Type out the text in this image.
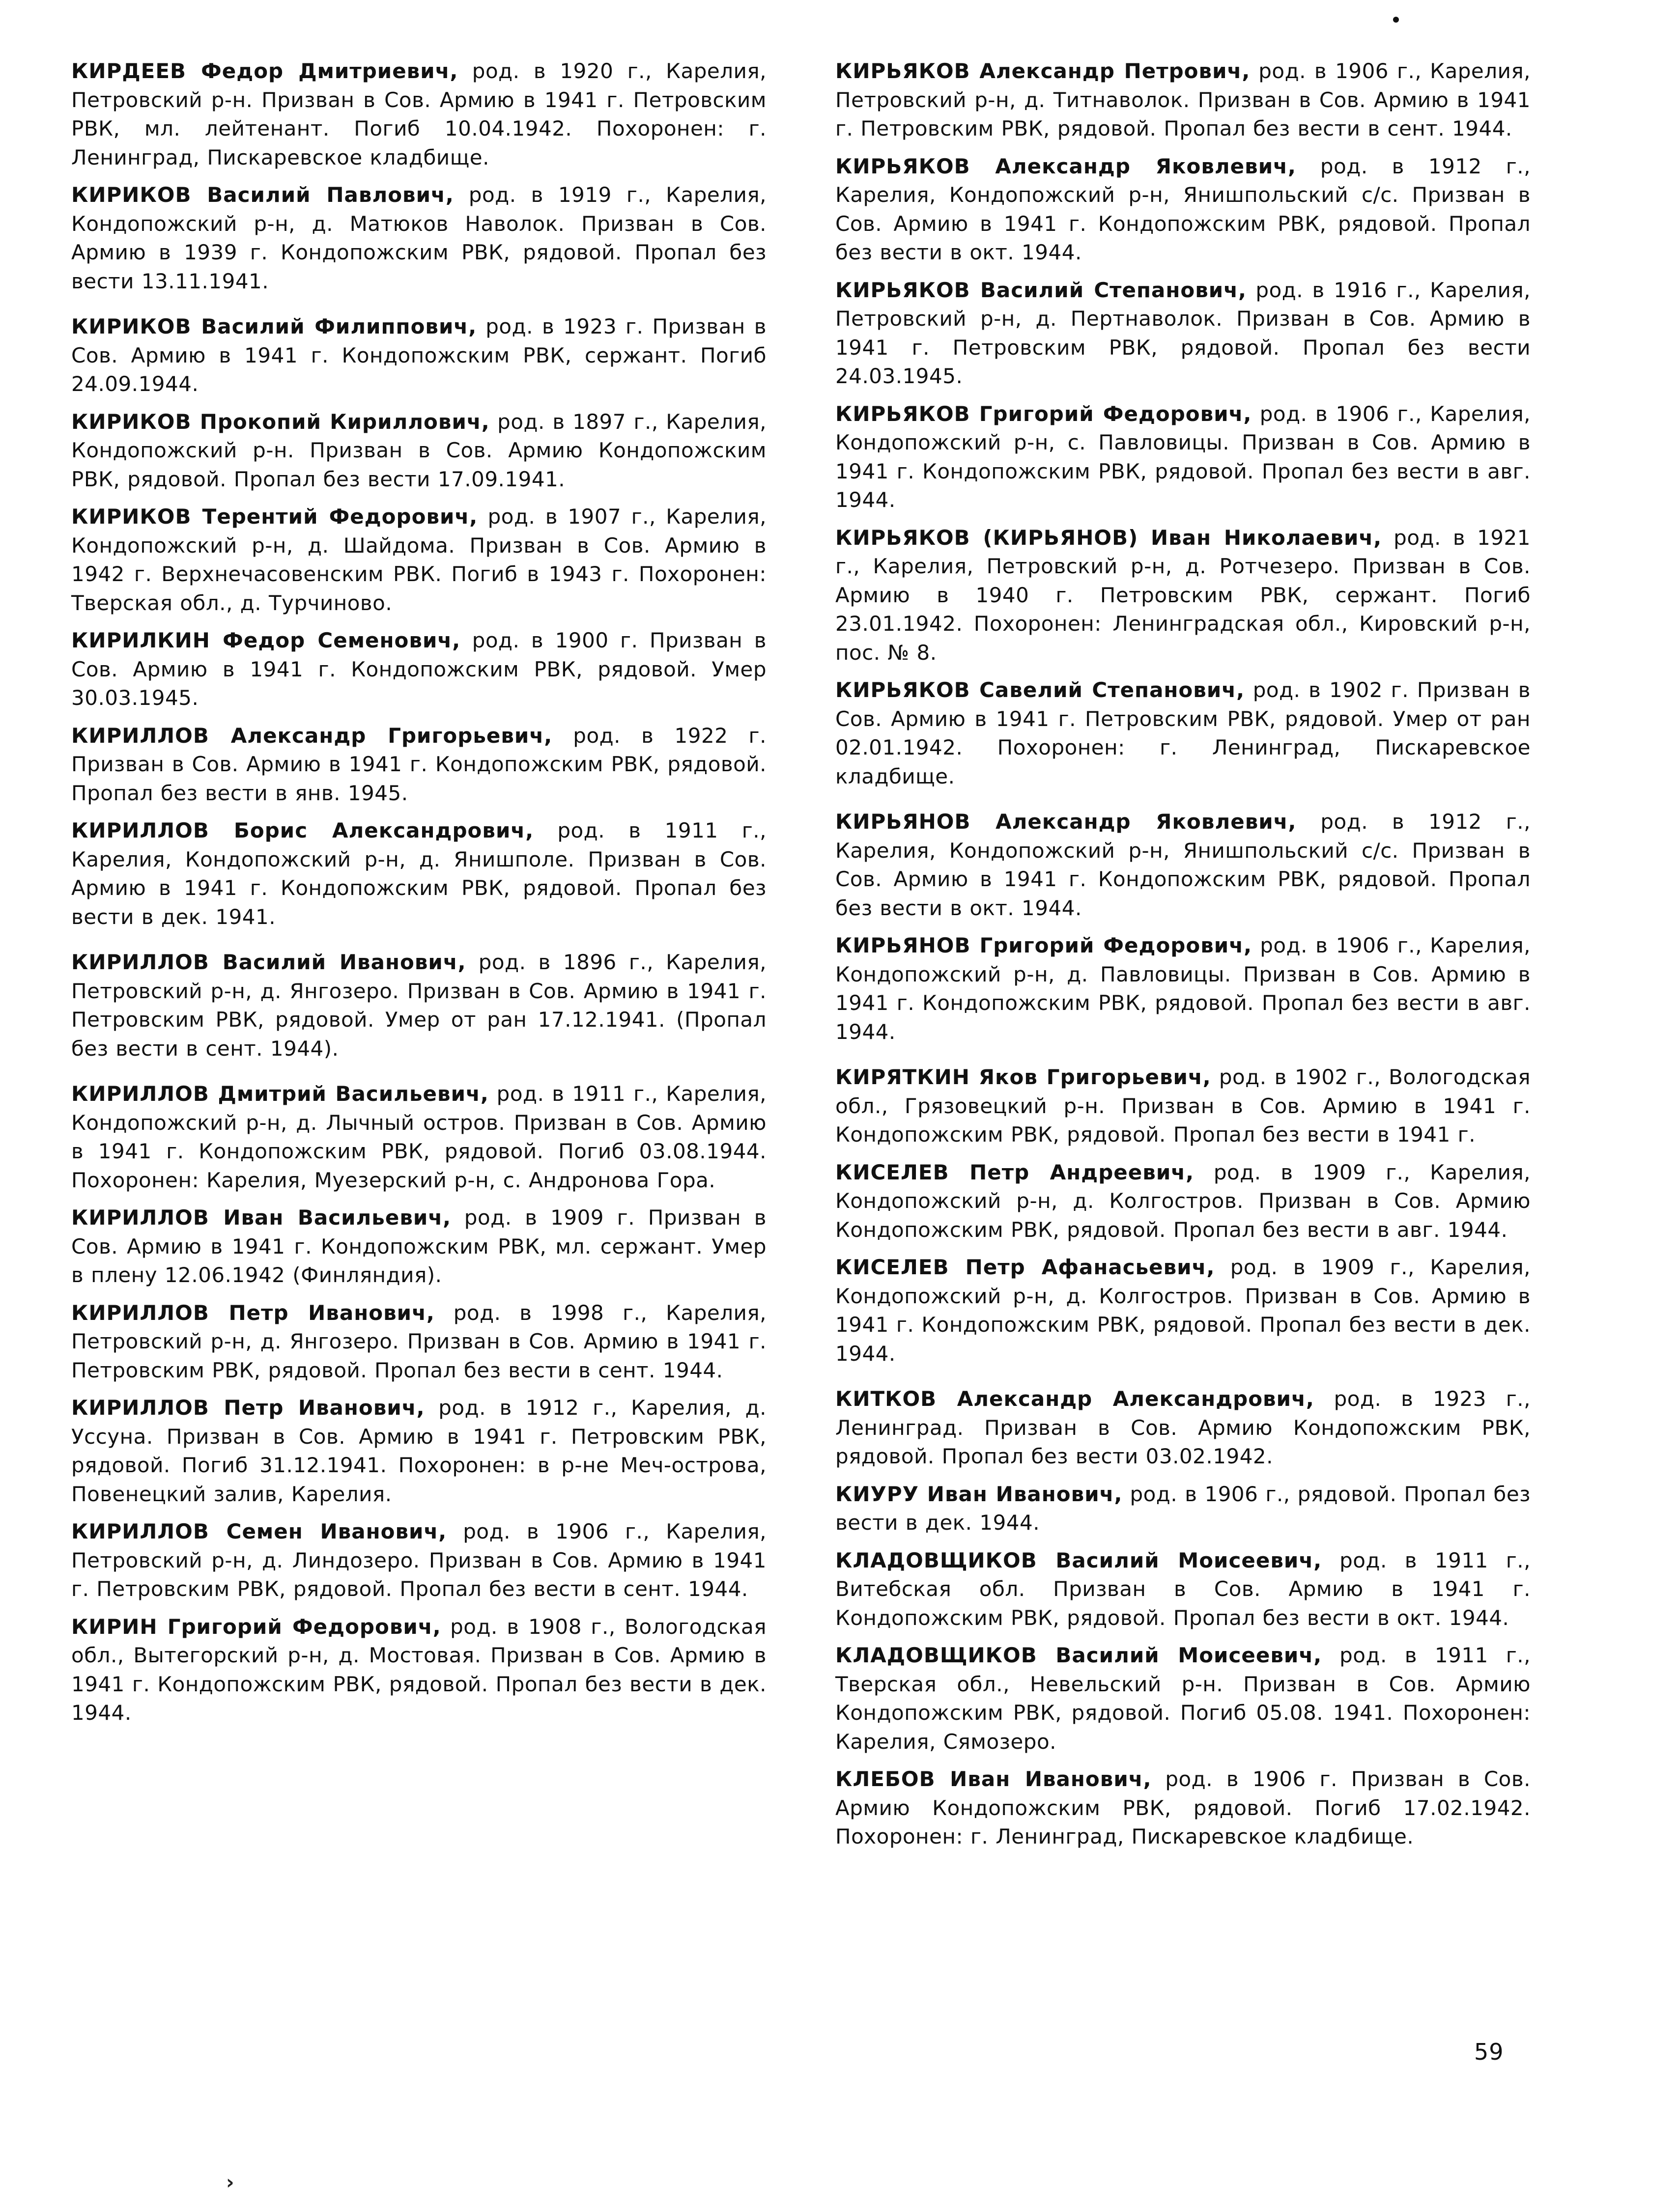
КИРДЕЕВ Федор Дмитриевич, род. в 1920 г., Карелия, Петровский р-н. Призван в Сов. Армию в 1941 г. Петровским РВК, мл. лейтенант. Погиб 10.04.1942. Похоронен: г. Ленинград, Пискаревское кладбище.

КИРИКОВ Василий Павлович, род. в 1919 г., Карелия, Кондопожский р-н, д. Матюков Наволок. Призван в Сов. Армию в 1939 г. Кондопожским РВК, рядовой. Пропал без вести 13.11.1941.

КИРИКОВ Василий Филиппович, род. в 1923 г. Призван в Сов. Армию в 1941 г. Кондопожским РВК, сержант. Погиб 24.09.1944.

КИРИКОВ Прокопий Кириллович, род. в 1897 г., Карелия, Кондопожский р-н. Призван в Сов. Армию Кондопожским РВК, рядовой. Пропал без вести 17.09.1941.

КИРИКОВ Терентий Федорович, род. в 1907 г., Карелия, Кондопожский р-н, д. Шайдома. Призван в Сов. Армию в 1942 г. Верхнечасовенским РВК. Погиб в 1943 г. Похоронен: Тверская обл., д. Турчиново.

КИРИЛКИН Федор Семенович, род. в 1900 г. Призван в Сов. Армию в 1941 г. Кондопожским РВК, рядовой. Умер 30.03.1945.

КИРИЛЛОВ Александр Григорьевич, род. в 1922 г. Призван в Сов. Армию в 1941 г. Кондопожским РВК, рядовой. Пропал без вести в янв. 1945.

КИРИЛЛОВ Борис Александрович, род. в 1911 г., Карелия, Кондопожский р-н, д. Янишполе. Призван в Сов. Армию в 1941 г. Кондопожским РВК, рядовой. Пропал без вести в дек. 1941.

КИРИЛЛОВ Василий Иванович, род. в 1896 г., Карелия, Петровский р-н, д. Янгозеро. Призван в Сов. Армию в 1941 г. Петровским РВК, рядовой. Умер от ран 17.12.1941. (Пропал без вести в сент. 1944).

КИРИЛЛОВ Дмитрий Васильевич, род. в 1911 г., Карелия, Кондопожский р-н, д. Лычный остров. Призван в Сов. Армию в 1941 г. Кондопожским РВК, рядовой. Погиб 03.08.1944. Похоронен: Карелия, Муезерский р-н, с. Андронова Гора.

КИРИЛЛОВ Иван Васильевич, род. в 1909 г. Призван в Сов. Армию в 1941 г. Кондопожским РВК, мл. сержант. Умер в плену 12.06.1942 (Финляндия).

КИРИЛЛОВ Петр Иванович, род. в 1998 г., Карелия, Петровский р-н, д. Янгозеро. Призван в Сов. Армию в 1941 г. Петровским РВК, рядовой. Пропал без вести в сент. 1944.

КИРИЛЛОВ Петр Иванович, род. в 1912 г., Карелия, д. Уссуна. Призван в Сов. Армию в 1941 г. Петровским РВК, рядовой. Погиб 31.12.1941. Похоронен: в р-не Меч-острова, Повенецкий залив, Карелия.

КИРИЛЛОВ Семен Иванович, род. в 1906 г., Карелия, Петровский р-н, д. Линдозеро. Призван в Сов. Армию в 1941 г. Петровским РВК, рядовой. Пропал без вести в сент. 1944.

КИРИН Григорий Федорович, род. в 1908 г., Вологодская обл., Вытегорский р-н, д. Мостовая. Призван в Сов. Армию в 1941 г. Кондопожским РВК, рядовой. Пропал без вести в дек. 1944.

КИРЬЯКОВ Александр Петрович, род. в 1906 г., Карелия, Петровский р-н, д. Титнаволок. Призван в Сов. Армию в 1941 г. Петровским РВК, рядовой. Пропал без вести в сент. 1944.

КИРЬЯКОВ Александр Яковлевич, род. в 1912 г., Карелия, Кондопожский р-н, Янишпольский с/с. Призван в Сов. Армию в 1941 г. Кондопожским РВК, рядовой. Пропал без вести в окт. 1944.

КИРЬЯКОВ Василий Степанович, род. в 1916 г., Карелия, Петровский р-н, д. Пертнаволок. Призван в Сов. Армию в 1941 г. Петровским РВК, рядовой. Пропал без вести 24.03.1945.

КИРЬЯКОВ Григорий Федорович, род. в 1906 г., Карелия, Кондопожский р-н, с. Павловицы. Призван в Сов. Армию в 1941 г. Кондопожским РВК, рядовой. Пропал без вести в авг. 1944.

КИРЬЯКОВ (КИРЬЯНОВ) Иван Николаевич, род. в 1921 г., Карелия, Петровский р-н, д. Ротчезеро. Призван в Сов. Армию в 1940 г. Петровским РВК, сержант. Погиб 23.01.1942. Похоронен: Ленинградская обл., Кировский р-н, пос. № 8.

КИРЬЯКОВ Савелий Степанович, род. в 1902 г. Призван в Сов. Армию в 1941 г. Петровским РВК, рядовой. Умер от ран 02.01.1942. Похоронен: г. Ленинград, Пискаревское кладбище.

КИРЬЯНОВ Александр Яковлевич, род. в 1912 г., Карелия, Кондопожский р-н, Янишпольский с/с. Призван в Сов. Армию в 1941 г. Кондопожским РВК, рядовой. Пропал без вести в окт. 1944.

КИРЬЯНОВ Григорий Федорович, род. в 1906 г., Карелия, Кондопожский р-н, д. Павловицы. Призван в Сов. Армию в 1941 г. Кондопожским РВК, рядовой. Пропал без вести в авг. 1944.

КИРЯТКИН Яков Григорьевич, род. в 1902 г., Вологодская обл., Грязовецкий р-н. Призван в Сов. Армию в 1941 г. Кондопожским РВК, рядовой. Пропал без вести в 1941 г.

КИСЕЛЕВ Петр Андреевич, род. в 1909 г., Карелия, Кондопожский р-н, д. Колгостров. Призван в Сов. Армию Кондопожским РВК, рядовой. Пропал без вести в авг. 1944.

КИСЕЛЕВ Петр Афанасьевич, род. в 1909 г., Карелия, Кондопожский р-н, д. Колгостров. Призван в Сов. Армию в 1941 г. Кондопожским РВК, рядовой. Пропал без вести в дек. 1944.

КИТКОВ Александр Александрович, род. в 1923 г., Ленинград. Призван в Сов. Армию Кондопожским РВК, рядовой. Пропал без вести 03.02.1942.

КИУРУ Иван Иванович, род. в 1906 г., рядовой. Пропал без вести в дек. 1944.

КЛАДОВЩИКОВ Василий Моисеевич, род. в 1911 г., Витебская обл. Призван в Сов. Армию в 1941 г. Кондопожским РВК, рядовой. Пропал без вести в окт. 1944.

КЛАДОВЩИКОВ Василий Моисеевич, род. в 1911 г., Тверская обл., Невельский р-н. Призван в Сов. Армию Кондопожским РВК, рядовой. Погиб 05.08. 1941. Похоронен: Карелия, Сямозеро.

КЛЕБОВ Иван Иванович, род. в 1906 г. Призван в Сов. Армию Кондопожским РВК, рядовой. Погиб 17.02.1942. Похоронен: г. Ленинград, Пискаревское кладбище.

59
›
